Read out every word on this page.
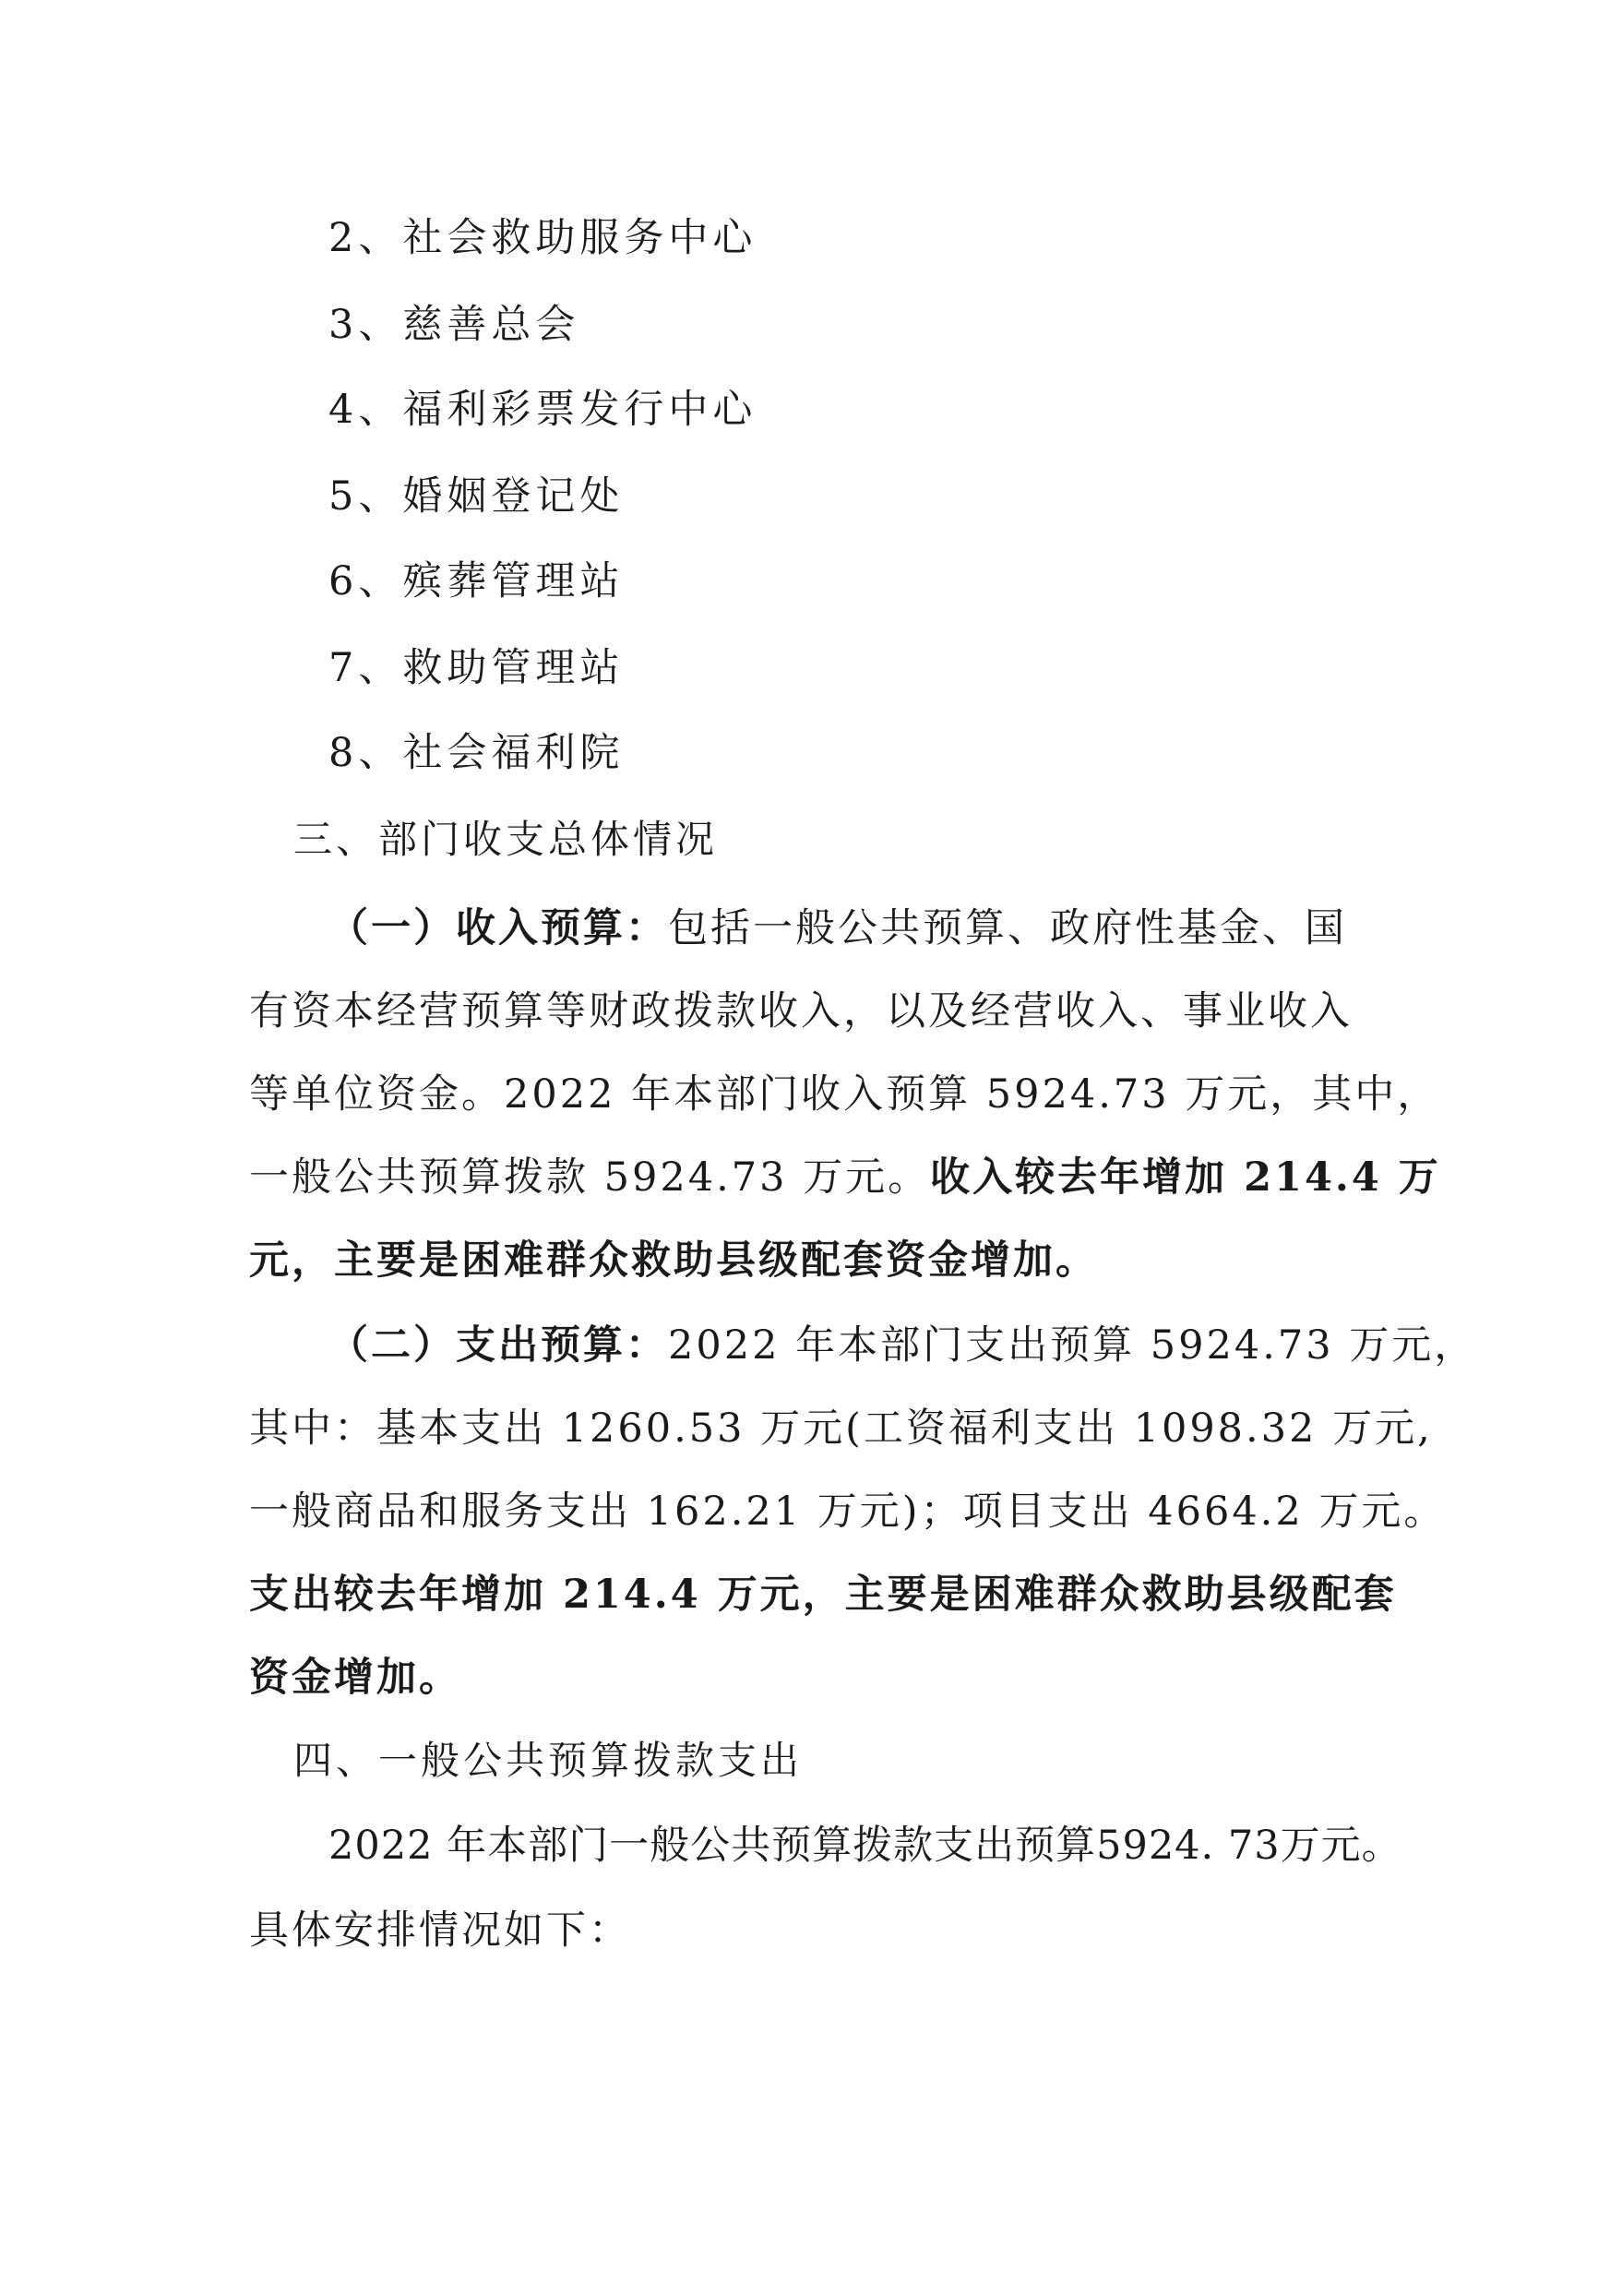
2、社会救助服务中心
3、慈善总会
4、福利彩票发行中心
5、婚姻登记处
6、殡葬管理站
7、救助管理站
8、社会福利院
三、部门收支总体情况
（一）收入预算：包括一般公共预算、政府性基金、国
有资本经营预算等财政拨款收入，以及经营收入、事业收入
等单位资金。2022 年本部门收入预算 5924.73 万元，其中，
一般公共预算拨款 5924.73 万元。收入较去年增加 214.4 万
元，主要是困难群众救助县级配套资金增加。
（二）支出预算：2022 年本部门支出预算 5924.73 万元，
其中：基本支出 1260.53 万元(工资福利支出 1098.32 万元,
一般商品和服务支出 162.21 万元)；项目支出 4664.2 万元。
支出较去年增加 214.4 万元，主要是困难群众救助县级配套
资金增加。
四、一般公共预算拨款支出
2022 年本部门一般公共预算拨款支出预算5924. 73万元。
具体安排情况如下：
